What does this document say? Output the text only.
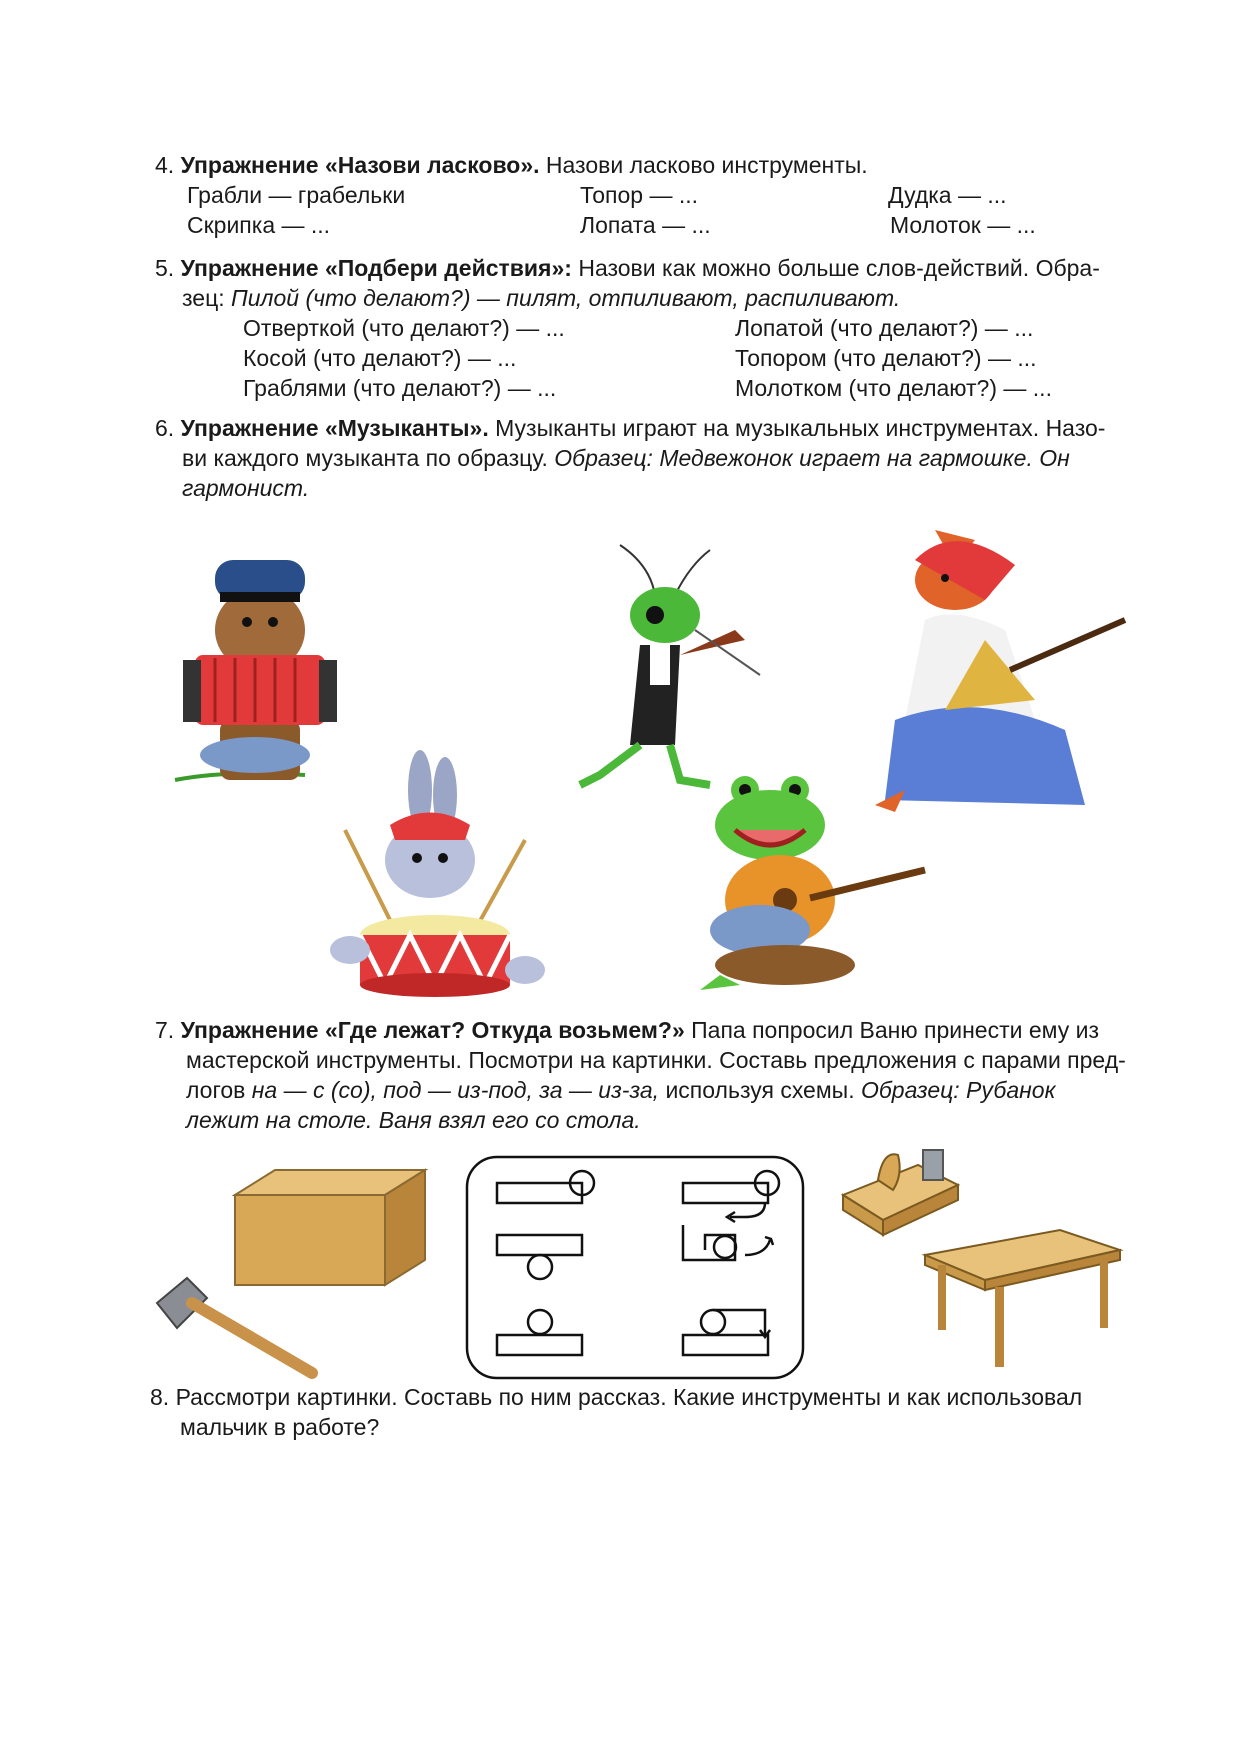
4. Упражнение «Назови ласково». Назови ласково инструменты.
Грабли — грабельки	Топор — ...	Дудка — ...
Скрипка — ...	Лопата — ...	Молоток — ...
5. Упражнение «Подбери действия»: Назови как можно больше слов-действий. Обра-
зец: Пилой (что делают?) — пилят, отпиливают, распиливают.
Отверткой (что делают?) — ...	Лопатой (что делают?) — ...
Косой (что делают?) — ...	Топором (что делают?) — ...
Граблями (что делают?) — ...	Молотком (что делают?) — ...
6. Упражнение «Музыканты». Музыканты играют на музыкальных инструментах. Назо-
ви каждого музыканта по образцу. Образец: Медвежонок играет на гармошке. Он
гармонист.
7. Упражнение «Где лежат? Откуда возьмем?» Папа попросил Ваню принести ему из
мастерской инструменты. Посмотри на картинки. Составь предложения с парами пред-
логов на — с (со), под — из-под, за — из-за, используя схемы. Образец: Рубанок
лежит на столе. Ваня взял его со стола.
8. Рассмотри картинки. Составь по ним рассказ. Какие инструменты и как использовал
мальчик в работе?
